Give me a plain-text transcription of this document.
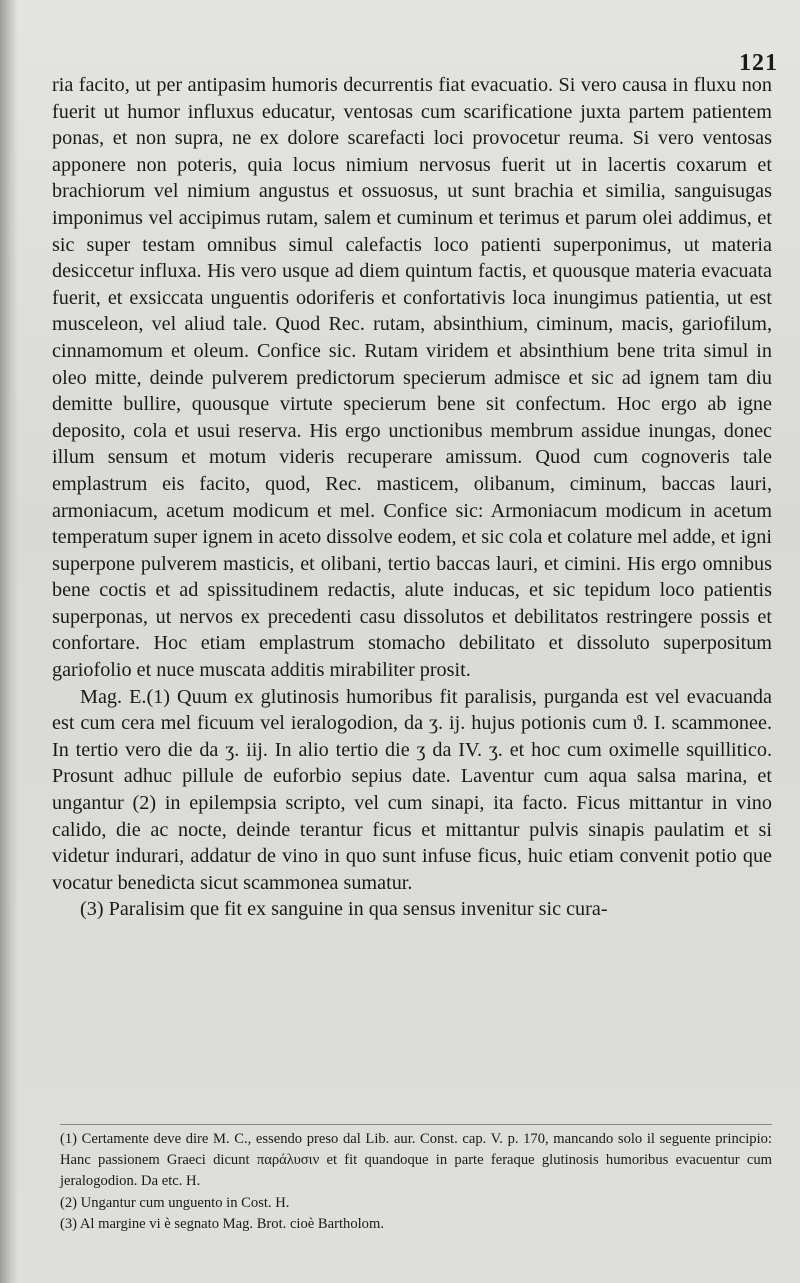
121

ria facito, ut per antipasim humoris decurrentis fiat evacuatio. Si vero causa in fluxu non fuerit ut humor influxus educatur, ventosas cum scarificatione juxta partem patientem ponas, et non supra, ne ex dolore scarefacti loci provocetur reuma. Si vero ventosas apponere non poteris, quia locus nimium nervosus fuerit ut in lacertis coxarum et brachiorum vel nimium angustus et ossuosus, ut sunt brachia et similia, sanguisugas imponimus vel accipimus rutam, salem et cuminum et terimus et parum olei addimus, et sic super testam omnibus simul calefactis loco patienti superponimus, ut materia desiccetur influxa. His vero usque ad diem quintum factis, et quousque materia evacuata fuerit, et exsiccata unguentis odoriferis et confortativis loca inungimus patientia, ut est musceleon, vel aliud tale. Quod Rec. rutam, absinthium, ciminum, macis, gariofilum, cinnamomum et oleum. Confice sic. Rutam viridem et absinthium bene trita simul in oleo mitte, deinde pulverem predictorum specierum admisce et sic ad ignem tam diu demitte bullire, quousque virtute specierum bene sit confectum. Hoc ergo ab igne deposito, cola et usui reserva. His ergo unctionibus membrum assidue inungas, donec illum sensum et motum videris recuperare amissum. Quod cum cognoveris tale emplastrum eis facito, quod, Rec. masticem, olibanum, ciminum, baccas lauri, armoniacum, acetum modicum et mel. Confice sic: Armoniacum modicum in acetum temperatum super ignem in aceto dissolve eodem, et sic cola et colature mel adde, et igni superpone pulverem masticis, et olibani, tertio baccas lauri, et cimini. His ergo omnibus bene coctis et ad spissitudinem redactis, alute inducas, et sic tepidum loco patientis superponas, ut nervos ex precedenti casu dissolutos et debilitatos restringere possis et confortare. Hoc etiam emplastrum stomacho debilitato et dissoluto superpositum gariofolio et nuce muscata additis mirabiliter prosit.

Mag. E.(1) Quum ex glutinosis humoribus fit paralisis, purganda est vel evacuanda est cum cera mel ficuum vel ieralogodion, da ʒ. ij. hujus potionis cum ϑ. I. scammonee. In tertio vero die da ʒ. iij. In alio tertio die ʒ da IV. ʒ. et hoc cum oximelle squillitico. Prosunt adhuc pillule de euforbio sepius date. Laventur cum aqua salsa marina, et ungantur (2) in epilempsia scripto, vel cum sinapi, ita facto. Ficus mittantur in vino calido, die ac nocte, deinde terantur ficus et mittantur pulvis sinapis paulatim et si videtur indurari, addatur de vino in quo sunt infuse ficus, huic etiam convenit potio que vocatur benedicta sicut scammonea sumatur.

(3) Paralisim que fit ex sanguine in qua sensus invenitur sic cura-

(1) Certamente deve dire M. C., essendo preso dal Lib. aur. Const. cap. V. p. 170, mancando solo il seguente principio: Hanc passionem Graeci dicunt παράλυσιν et fit quandoque in parte feraque glutinosis humoribus evacuentur cum jeralogodion. Da etc. H.

(2) Ungantur cum unguento in Cost. H.

(3) Al margine vi è segnato Mag. Brot. cioè Bartholom.
